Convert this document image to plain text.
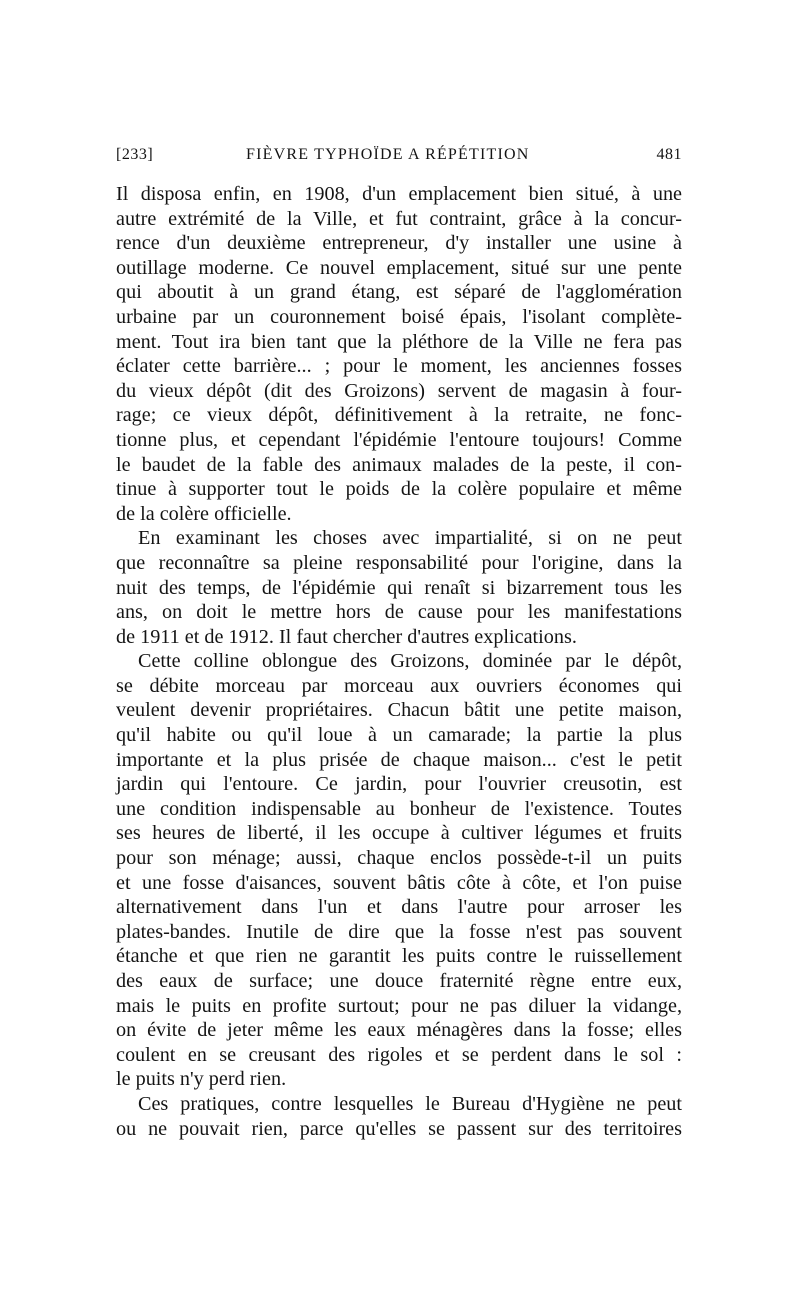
[233]	FIÈVRE TYPHOÏDE A RÉPÉTITION	481
Il disposa enfin, en 1908, d'un emplacement bien situé, à une
autre extrémité de la Ville, et fut contraint, grâce à la concur-
rence d'un deuxième entrepreneur, d'y installer une usine à
outillage moderne. Ce nouvel emplacement, situé sur une pente
qui aboutit à un grand étang, est séparé de l'agglomération
urbaine par un couronnement boisé épais, l'isolant complète-
ment. Tout ira bien tant que la pléthore de la Ville ne fera pas
éclater cette barrière... ; pour le moment, les anciennes fosses
du vieux dépôt (dit des Groizons) servent de magasin à four-
rage; ce vieux dépôt, définitivement à la retraite, ne fonc-
tionne plus, et cependant l'épidémie l'entoure toujours! Comme
le baudet de la fable des animaux malades de la peste, il con-
tinue à supporter tout le poids de la colère populaire et même
de la colère officielle.
En examinant les choses avec impartialité, si on ne peut
que reconnaître sa pleine responsabilité pour l'origine, dans la
nuit des temps, de l'épidémie qui renaît si bizarrement tous les
ans, on doit le mettre hors de cause pour les manifestations
de 1911 et de 1912. Il faut chercher d'autres explications.
Cette colline oblongue des Groizons, dominée par le dépôt,
se débite morceau par morceau aux ouvriers économes qui
veulent devenir propriétaires. Chacun bâtit une petite maison,
qu'il habite ou qu'il loue à un camarade; la partie la plus
importante et la plus prisée de chaque maison... c'est le petit
jardin qui l'entoure. Ce jardin, pour l'ouvrier creusotin, est
une condition indispensable au bonheur de l'existence. Toutes
ses heures de liberté, il les occupe à cultiver légumes et fruits
pour son ménage; aussi, chaque enclos possède-t-il un puits
et une fosse d'aisances, souvent bâtis côte à côte, et l'on puise
alternativement dans l'un et dans l'autre pour arroser les
plates-bandes. Inutile de dire que la fosse n'est pas souvent
étanche et que rien ne garantit les puits contre le ruissellement
des eaux de surface; une douce fraternité règne entre eux,
mais le puits en profite surtout; pour ne pas diluer la vidange,
on évite de jeter même les eaux ménagères dans la fosse; elles
coulent en se creusant des rigoles et se perdent dans le sol :
le puits n'y perd rien.
Ces pratiques, contre lesquelles le Bureau d'Hygiène ne peut
ou ne pouvait rien, parce qu'elles se passent sur des territoires
